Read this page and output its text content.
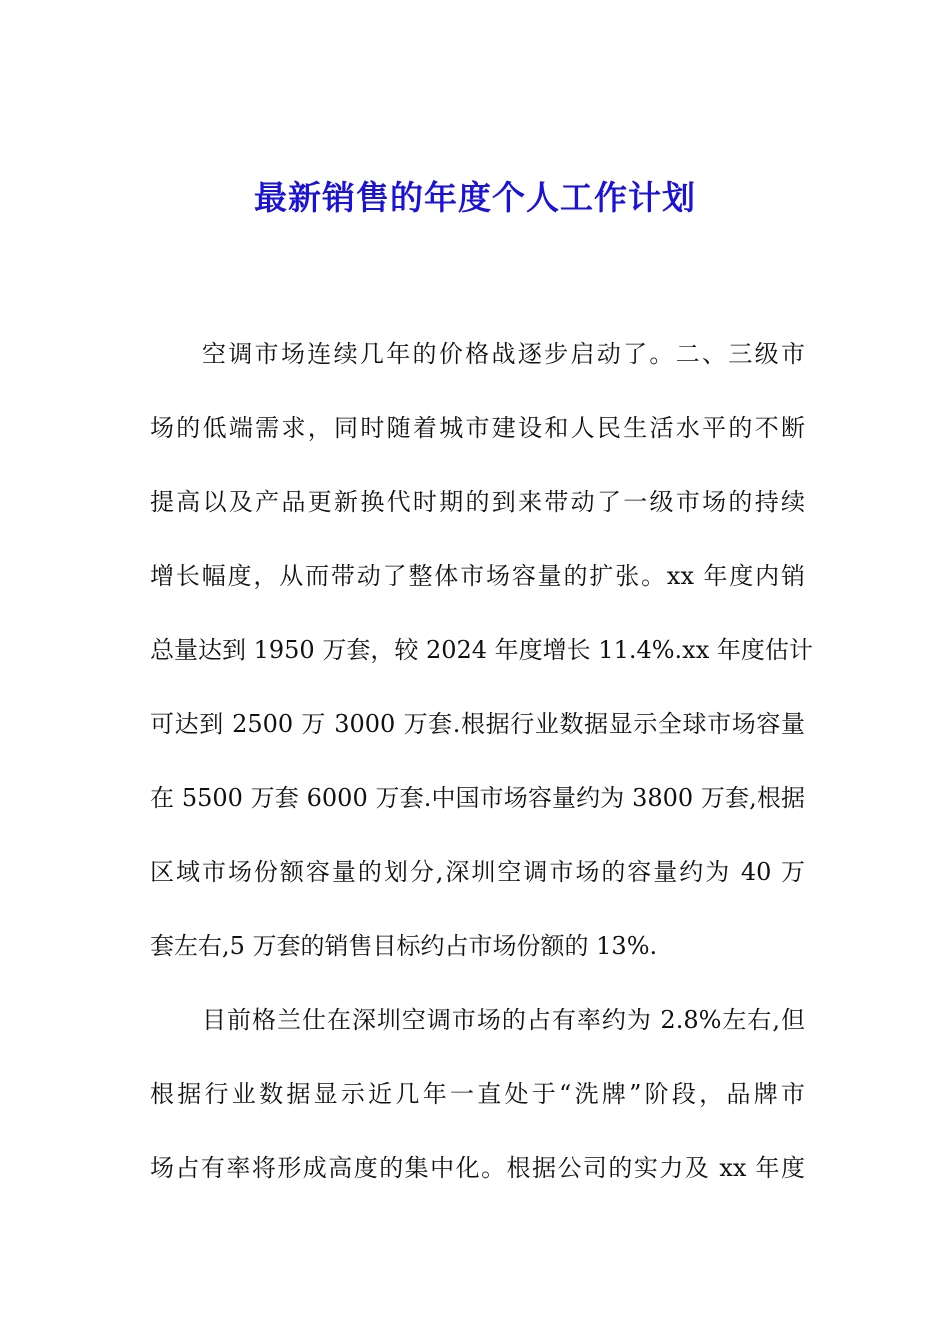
最新销售的年度个人工作计划
空调市场连续几年的价格战逐步启动了。二、三级市
场的低端需求，同时随着城市建设和人民生活水平的不断
提高以及产品更新换代时期的到来带动了一级市场的持续
增长幅度，从而带动了整体市场容量的扩张。xx 年度内销
总量达到 1950 万套，较 2024 年度增长 11.4%.xx 年度估计
可达到 2500 万 3000 万套.根据行业数据显示全球市场容量
在 5500 万套 6000 万套.中国市场容量约为 3800 万套,根据
区域市场份额容量的划分,深圳空调市场的容量约为 40 万
套左右,5 万套的销售目标约占市场份额的 13%.
目前格兰仕在深圳空调市场的占有率约为 2.8%左右,但
根据行业数据显示近几年一直处于“洗牌”阶段，品牌市
场占有率将形成高度的集中化。根据公司的实力及 xx 年度
